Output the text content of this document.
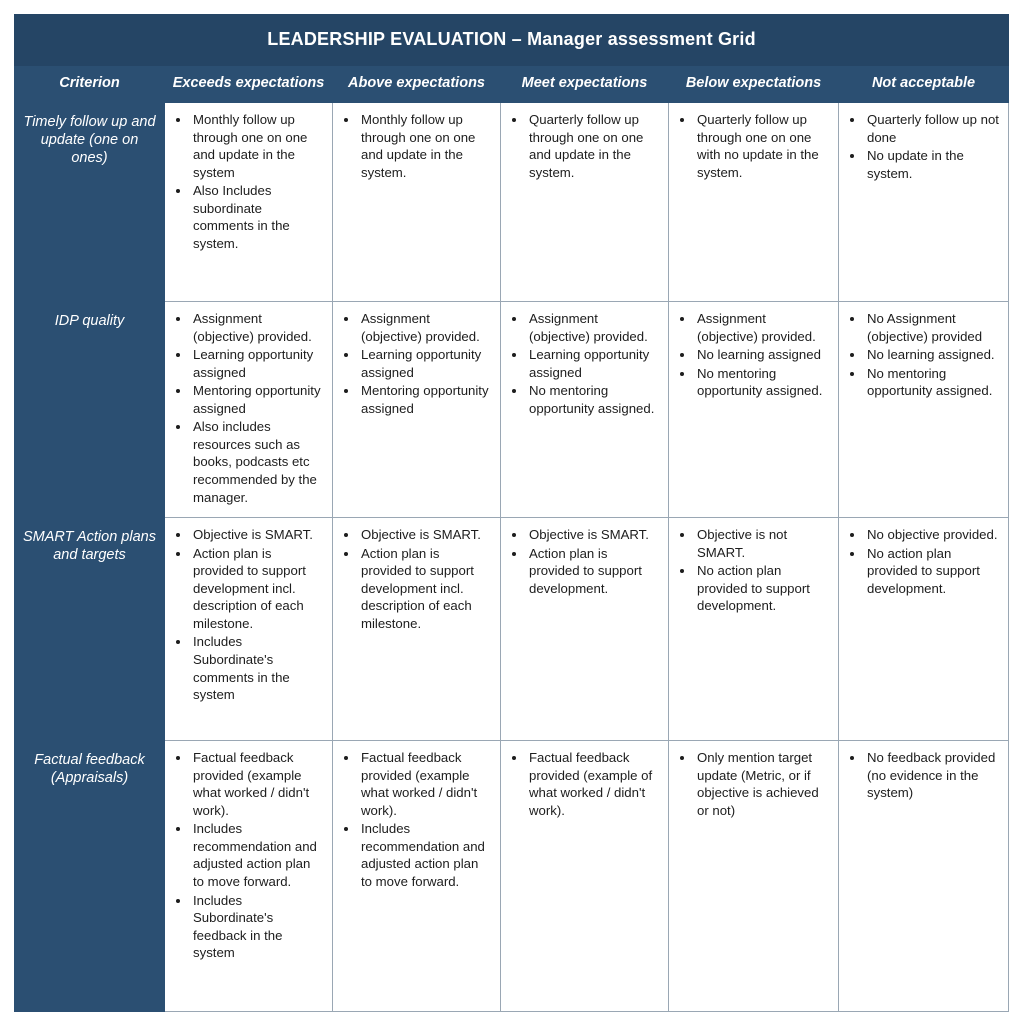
LEADERSHIP EVALUATION – Manager assessment Grid					
Criterion	Exceeds expectations	Above expectations	Meet expectations	Below expectations	Not acceptable
Timely follow up and update (one on ones)	
• Monthly follow up through one on one and update in the system
• Also Includes subordinate comments in the system.

• Monthly follow up through one on one and update in the system.

• Quarterly follow up through one on one and update in the system.

• Quarterly follow up through one on one with no update in the system.

• Quarterly follow up not done
• No update in the system.

IDP quality	
•Assignment (objective) provided.
• Learning opportunity assigned
• Mentoring opportunity assigned
• Also includes resources such as books, podcasts etc recommended by the manager.

• Assignment (objective) provided.
• Learning opportunity assigned
• Mentoring opportunity assigned

• Assignment (objective) provided.
• Learning opportunity assigned
• No mentoring opportunity assigned.

• Assignment (objective) provided.
• No learning assigned
• No mentoring opportunity assigned.

• No Assignment (objective) provided
• No learning assigned.
• No mentoring opportunity assigned.

SMART Action plans and targets	
• Objective is SMART.
• Action plan is provided to support development incl. description of each milestone.
• Includes Subordinate's comments in the system

• Objective is SMART.
• Action plan is provided to support development incl. description of each milestone.

• Objective is SMART.
• Action plan is provided to support development.

• Objective is not SMART.
• No action plan provided to support development.

• No objective provided.
• No action plan provided to support development.

Factual feedback (Appraisals)	
• Factual feedback provided (example what worked / didn't work).
• Includes recommendation and adjusted action plan to move forward.
• Includes Subordinate's feedback in the system

• Factual feedback provided (example what worked / didn't work).
• Includes recommendation and adjusted action plan to move forward.

• Factual feedback provided (example of what worked / didn't work).

• Only mention target update (Metric, or if objective is achieved or not)

• No feedback provided (no evidence in the system)
